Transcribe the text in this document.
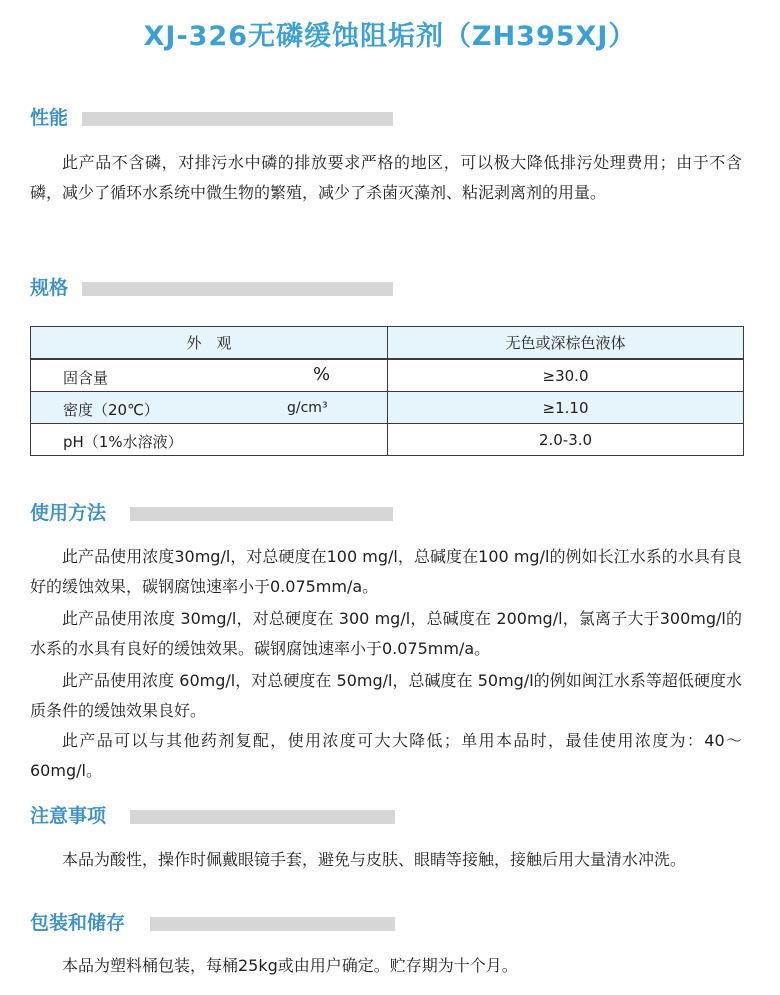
XJ-326无磷缓蚀阻垢剂（ZH395XJ）
性能

此产品不含磷，对排污水中磷的排放要求严格的地区，可以极大降低排污处理费用；由于不含磷，减少了循环水系统中微生物的繁殖，减少了杀菌灭藻剂、粘泥剥离剂的用量。

规格
外　观	无色或深棕色液体

固含量 %	≥30.0

密度（20℃） g/cm³	≥1.10

pH（1%水溶液）	2.0-3.0
使用方法

此产品使用浓度30mg/l，对总硬度在100 mg/l，总碱度在100 mg/l的例如长江水系的水具有良好的缓蚀效果，碳钢腐蚀速率小于0.075mm/a。

此产品使用浓度 30mg/l，对总硬度在 300 mg/l，总碱度在 200mg/l，氯离子大于300mg/l的水系的水具有良好的缓蚀效果。碳钢腐蚀速率小于0.075mm/a。

此产品使用浓度 60mg/l，对总硬度在 50mg/l，总碱度在 50mg/l的例如闽江水系等超低硬度水质条件的缓蚀效果良好。

此产品可以与其他药剂复配，使用浓度可大大降低；单用本品时，最佳使用浓度为：40～60mg/l。

注意事项

本品为酸性，操作时佩戴眼镜手套，避免与皮肤、眼睛等接触，接触后用大量清水冲洗。

包装和储存

本品为塑料桶包装，每桶25kg或由用户确定。贮存期为十个月。
